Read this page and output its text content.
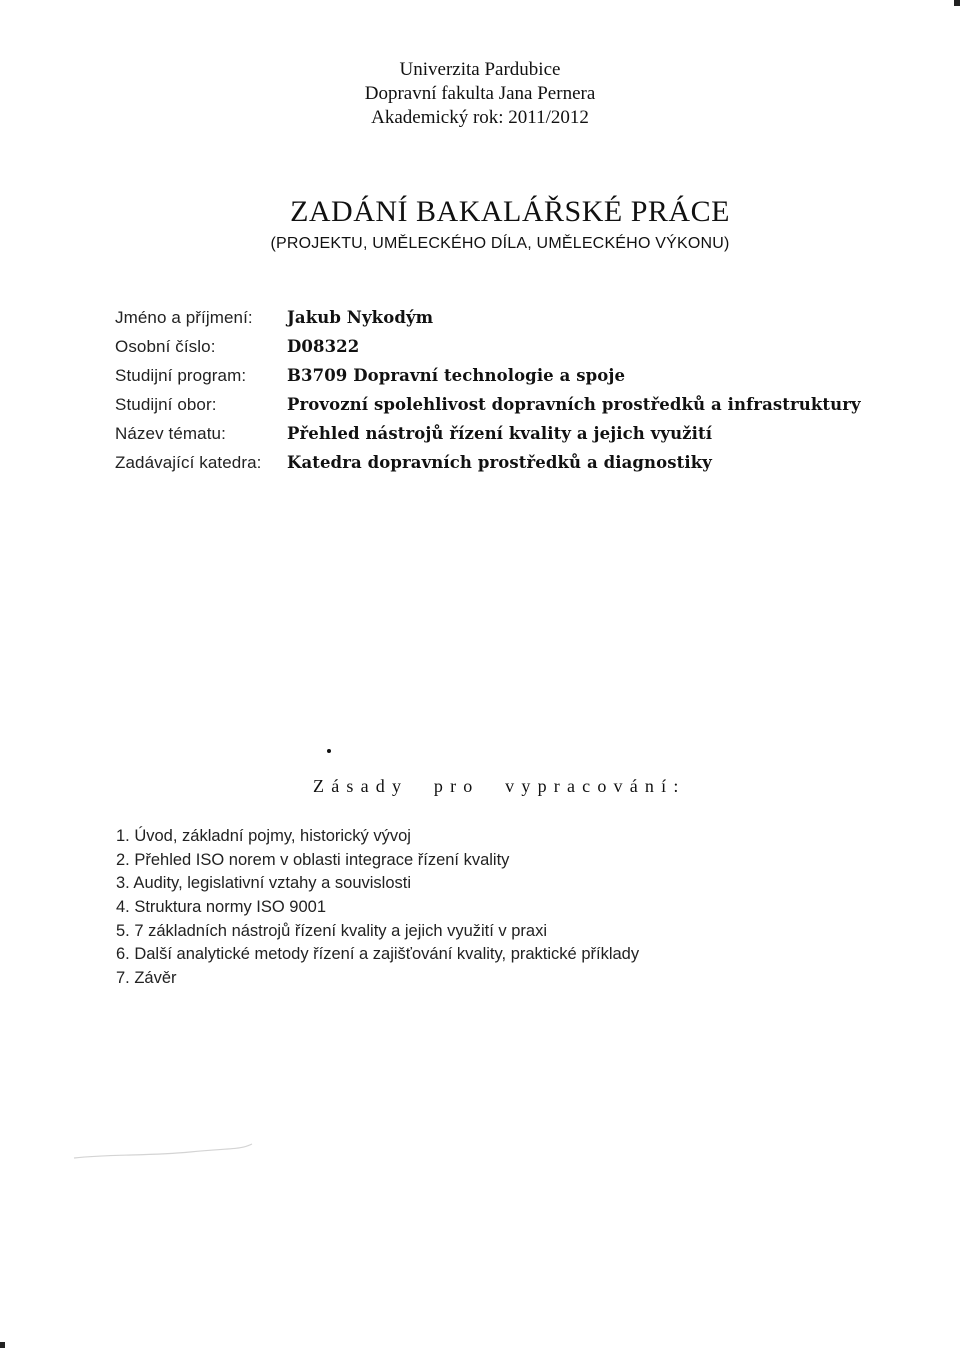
Univerzita Pardubice
Dopravní fakulta Jana Pernera
Akademický rok: 2011/2012
ZADÁNÍ BAKALÁŘSKÉ PRÁCE
(PROJEKTU, UMĚLECKÉHO DÍLA, UMĚLECKÉHO VÝKONU)
Jméno a příjmení:	Jakub Nykodým
Osobní číslo:	D08322
Studijní program:	B3709 Dopravní technologie a spoje
Studijní obor:	Provozní spolehlivost dopravních prostředků a infrastruktury
Název tématu:	Přehled nástrojů řízení kvality a jejich využití
Zadávající katedra:	Katedra dopravních prostředků a diagnostiky
Zásady pro vypracování:
1. Úvod, základní pojmy, historický vývoj
2. Přehled ISO norem v oblasti integrace řízení kvality
3. Audity, legislativní vztahy a souvislosti
4. Struktura normy ISO 9001
5. 7 základních nástrojů řízení kvality a jejich využití v praxi
6. Další analytické metody řízení a zajišťování kvality, praktické příklady
7. Závěr
